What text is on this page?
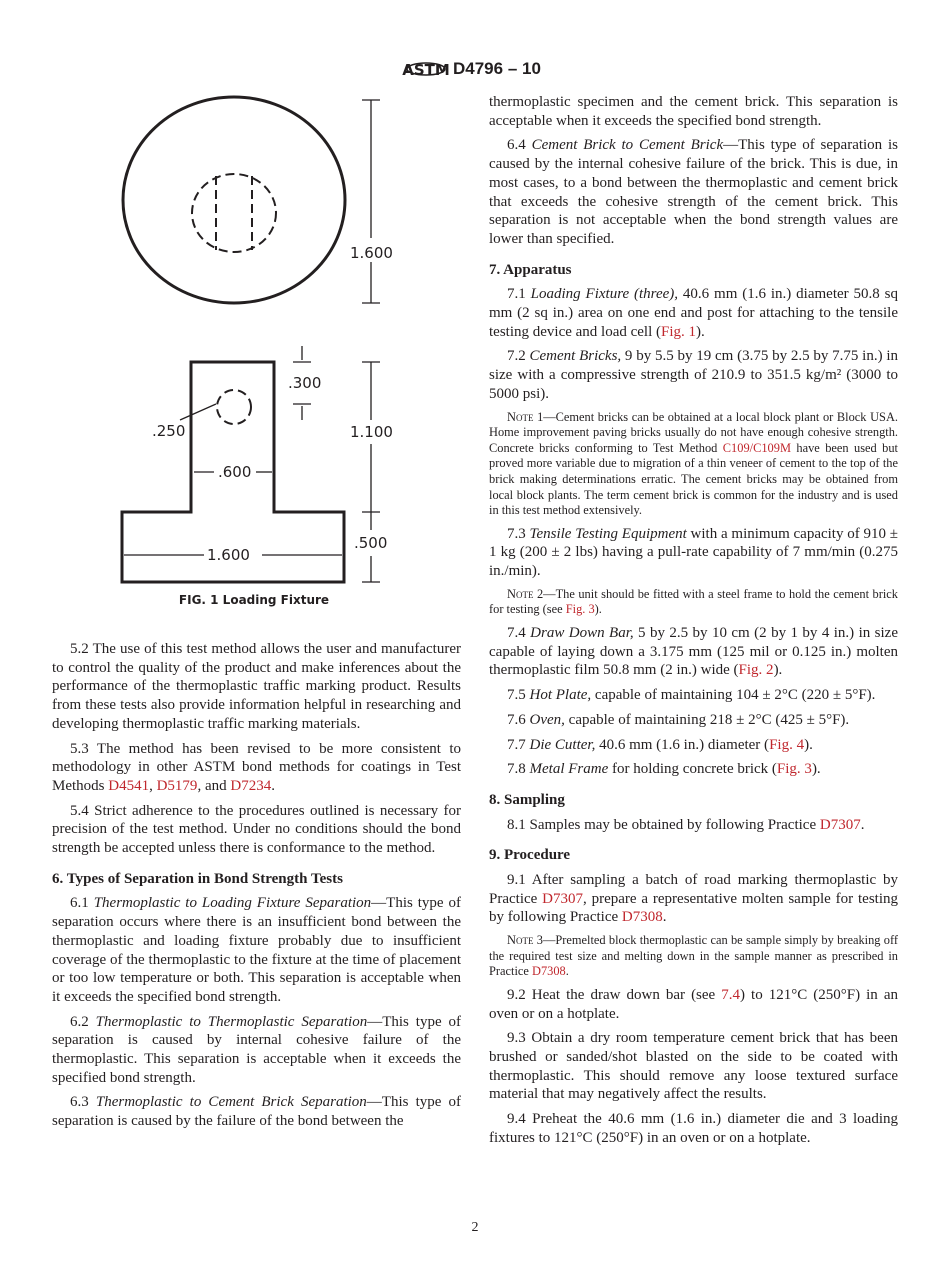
ASTM D4796 – 10
1.600
.300
.250
.600
1.100
.500
1.600
FIG. 1 Loading Fixture

5.2 The use of this test method allows the user and manufacturer to control the quality of the product and make inferences about the performance of the thermoplastic traffic marking product. Results from these tests also provide information helpful in researching and developing thermoplastic traffic marking materials.

5.3 The method has been revised to be more consistent to methodology in other ASTM bond methods for coatings in Test Methods D4541, D5179, and D7234.

5.4 Strict adherence to the procedures outlined is necessary for precision of the test method. Under no conditions should the bond strength be accepted unless there is conformance to the method.

6. Types of Separation in Bond Strength Tests

6.1 Thermoplastic to Loading Fixture Separation—This type of separation occurs where there is an insufficient bond between the thermoplastic and loading fixture probably due to insufficient coverage of the thermoplastic to the fixture at the time of placement or too low temperature or both. This separation is acceptable when it exceeds the specified bond strength.

6.2 Thermoplastic to Thermoplastic Separation—This type of separation is caused by internal cohesive failure of the thermoplastic. This separation is acceptable when it exceeds the specified bond strength.

6.3 Thermoplastic to Cement Brick Separation—This type of separation is caused by the failure of the bond between the

thermoplastic specimen and the cement brick. This separation is acceptable when it exceeds the specified bond strength.

6.4 Cement Brick to Cement Brick—This type of separation is caused by the internal cohesive failure of the brick. This is due, in most cases, to a bond between the thermoplastic and cement brick that exceeds the cohesive strength of the cement brick. This separation is not acceptable when the bond strength values are lower than specified.

7. Apparatus

7.1 Loading Fixture (three), 40.6 mm (1.6 in.) diameter 50.8 sq mm (2 sq in.) area on one end and post for attaching to the tensile testing device and load cell (Fig. 1).

7.2 Cement Bricks, 9 by 5.5 by 19 cm (3.75 by 2.5 by 7.75 in.) in size with a compressive strength of 210.9 to 351.5 kg/m² (3000 to 5000 psi).

Note 1—Cement bricks can be obtained at a local block plant or Block USA. Home improvement paving bricks usually do not have enough cohesive strength. Concrete bricks conforming to Test Method C109/C109M have been used but proved more variable due to migration of a thin veneer of cement to the top of the brick making determinations erratic. The cement bricks may be obtained from local block plants. The term cement brick is common for the industry and is used in this test method extensively.

7.3 Tensile Testing Equipment with a minimum capacity of 910 ± 1 kg (200 ± 2 lbs) having a pull-rate capability of 7 mm/min (0.275 in./min).

Note 2—The unit should be fitted with a steel frame to hold the cement brick for testing (see Fig. 3).

7.4 Draw Down Bar, 5 by 2.5 by 10 cm (2 by 1 by 4 in.) in size capable of laying down a 3.175 mm (125 mil or 0.125 in.) molten thermoplastic film 50.8 mm (2 in.) wide (Fig. 2).

7.5 Hot Plate, capable of maintaining 104 ± 2°C (220 ± 5°F).

7.6 Oven, capable of maintaining 218 ± 2°C (425 ± 5°F).

7.7 Die Cutter, 40.6 mm (1.6 in.) diameter (Fig. 4).

7.8 Metal Frame for holding concrete brick (Fig. 3).

8. Sampling

8.1 Samples may be obtained by following Practice D7307.

9. Procedure

9.1 After sampling a batch of road marking thermoplastic by Practice D7307, prepare a representative molten sample for testing by following Practice D7308.

Note 3—Premelted block thermoplastic can be sample simply by breaking off the required test size and melting down in the sample manner as prescribed in Practice D7308.

9.2 Heat the draw down bar (see 7.4) to 121°C (250°F) in an oven or on a hotplate.

9.3 Obtain a dry room temperature cement brick that has been brushed or sanded/shot blasted on the side to be coated with thermoplastic. This should remove any loose textured surface material that may negatively affect the results.

9.4 Preheat the 40.6 mm (1.6 in.) diameter die and 3 loading fixtures to 121°C (250°F) in an oven or on a hotplate.

2
